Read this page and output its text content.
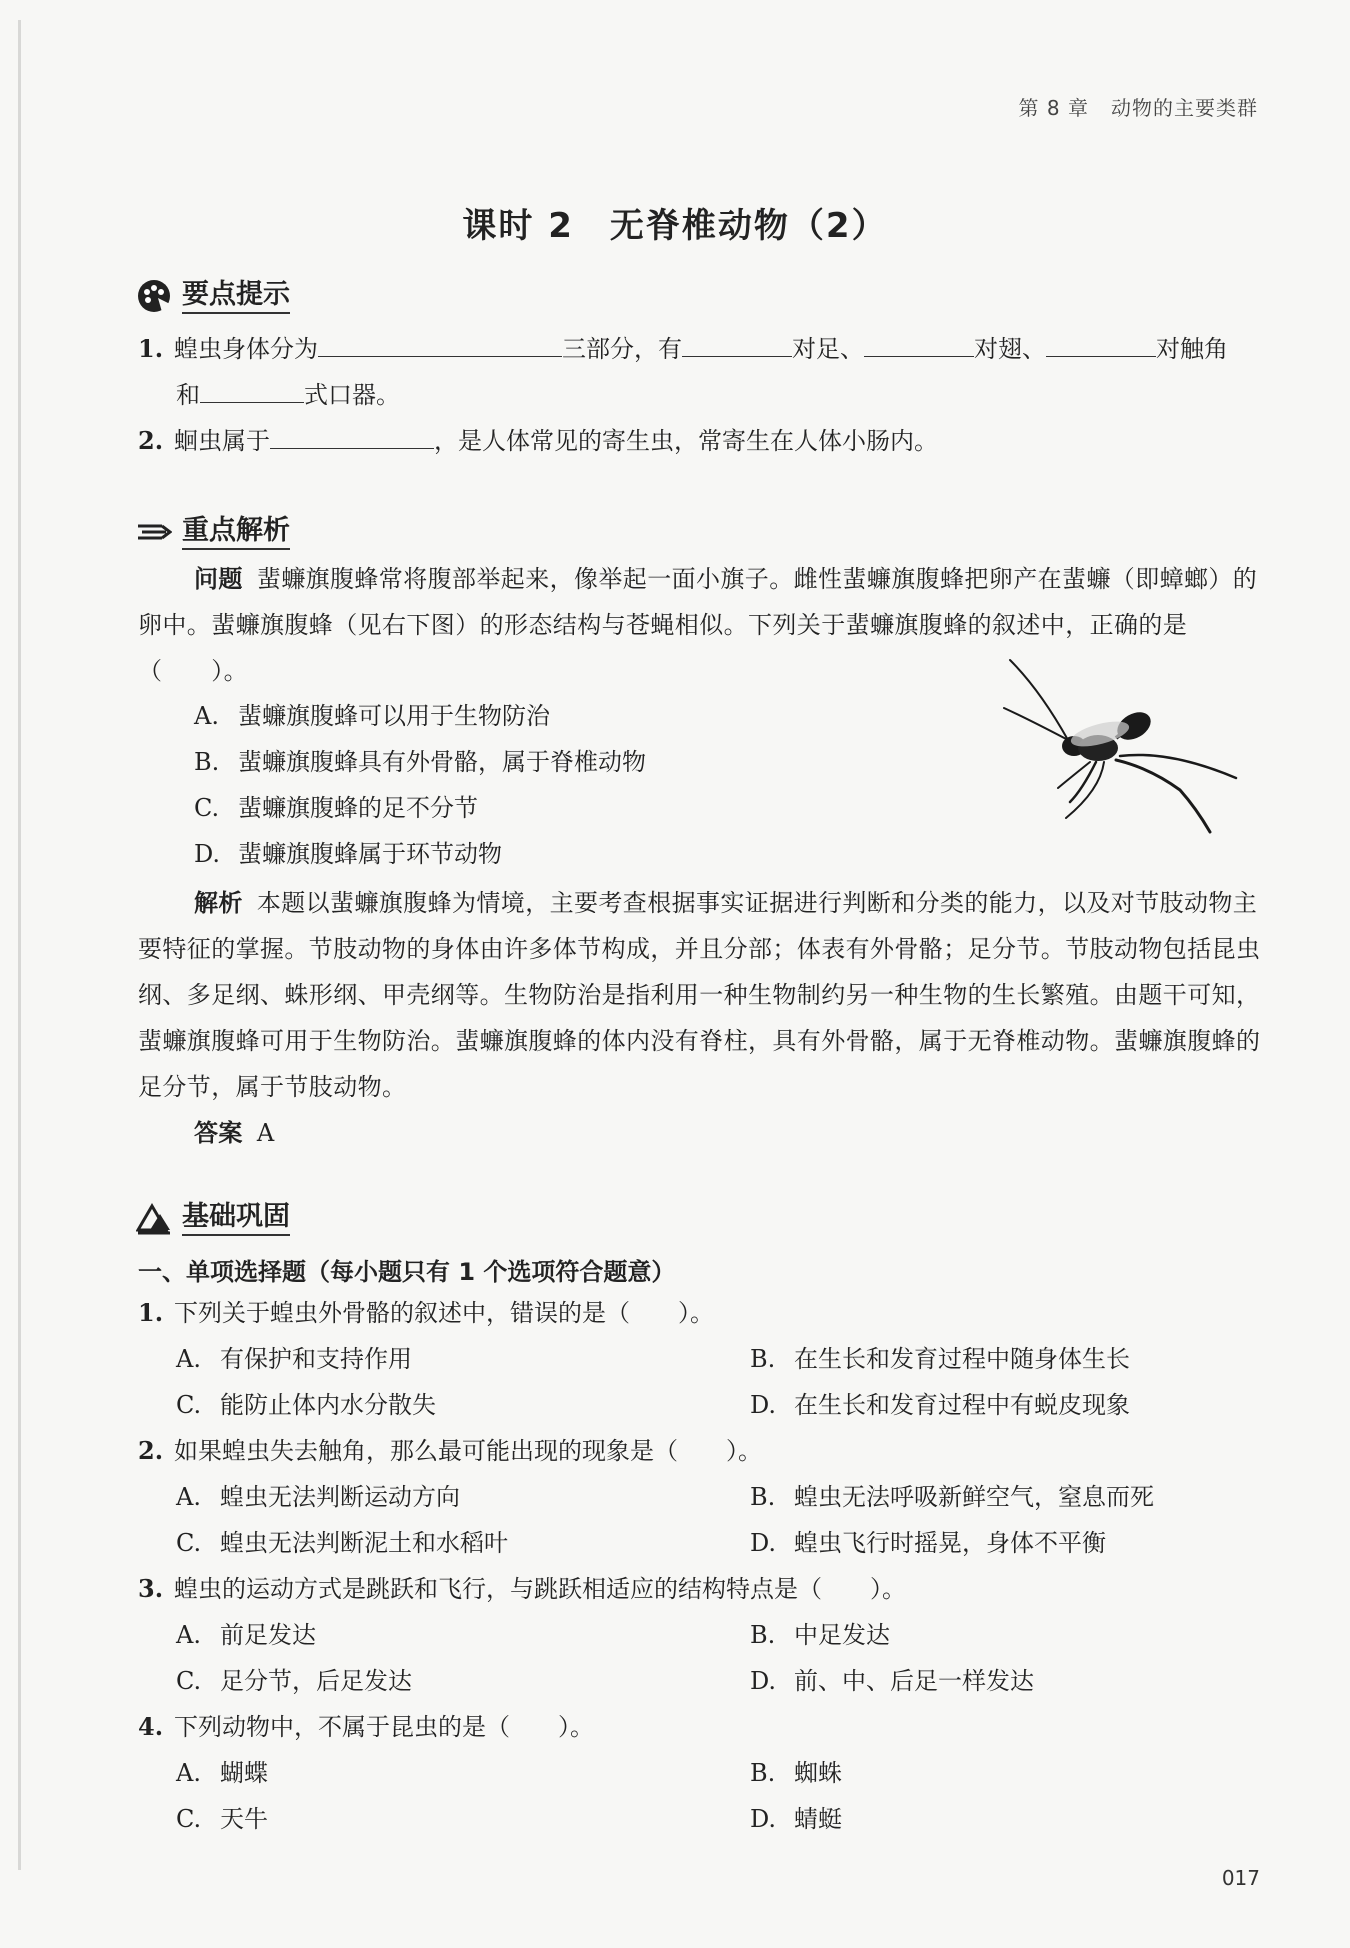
第 8 章 动物的主要类群
课时 2 无脊椎动物（2）
要点提示
1. 蝗虫身体分为	三部分，有	对足、	对翅、	对触角
和	式口器。
2. 蛔虫属于	，是人体常见的寄生虫，常寄生在人体小肠内。
重点解析
问题 蜚蠊旗腹蜂常将腹部举起来，像举起一面小旗子。雌性蜚蠊旗腹蜂把卵产在蜚蠊（即蟑螂）的卵中。蜚蠊旗腹蜂（见右下图）的形态结构与苍蝇相似。下列关于蜚蠊旗腹蜂的叙述中，正确的是（　　）。
A. 蜚蠊旗腹蜂可以用于生物防治
B. 蜚蠊旗腹蜂具有外骨骼，属于脊椎动物
C. 蜚蠊旗腹蜂的足不分节
D. 蜚蠊旗腹蜂属于环节动物
解析 本题以蜚蠊旗腹蜂为情境，主要考查根据事实证据进行判断和分类的能力，以及对节肢动物主要特征的掌握。节肢动物的身体由许多体节构成，并且分部；体表有外骨骼；足分节。节肢动物包括昆虫纲、多足纲、蛛形纲、甲壳纲等。生物防治是指利用一种生物制约另一种生物的生长繁殖。由题干可知，蜚蠊旗腹蜂可用于生物防治。蜚蠊旗腹蜂的体内没有脊柱，具有外骨骼，属于无脊椎动物。蜚蠊旗腹蜂的足分节，属于节肢动物。
答案 A
基础巩固
一、单项选择题（每小题只有 1 个选项符合题意）
1. 下列关于蝗虫外骨骼的叙述中，错误的是（　　）。
A. 有保护和支持作用	B. 在生长和发育过程中随身体生长
C. 能防止体内水分散失	D. 在生长和发育过程中有蜕皮现象
2. 如果蝗虫失去触角，那么最可能出现的现象是（　　）。
A. 蝗虫无法判断运动方向	B. 蝗虫无法呼吸新鲜空气，窒息而死
C. 蝗虫无法判断泥土和水稻叶	D. 蝗虫飞行时摇晃，身体不平衡
3. 蝗虫的运动方式是跳跃和飞行，与跳跃相适应的结构特点是（　　）。
A. 前足发达	B. 中足发达
C. 足分节，后足发达	D. 前、中、后足一样发达
4. 下列动物中，不属于昆虫的是（　　）。
A. 蝴蝶	B. 蜘蛛
C. 天牛	D. 蜻蜓
017
